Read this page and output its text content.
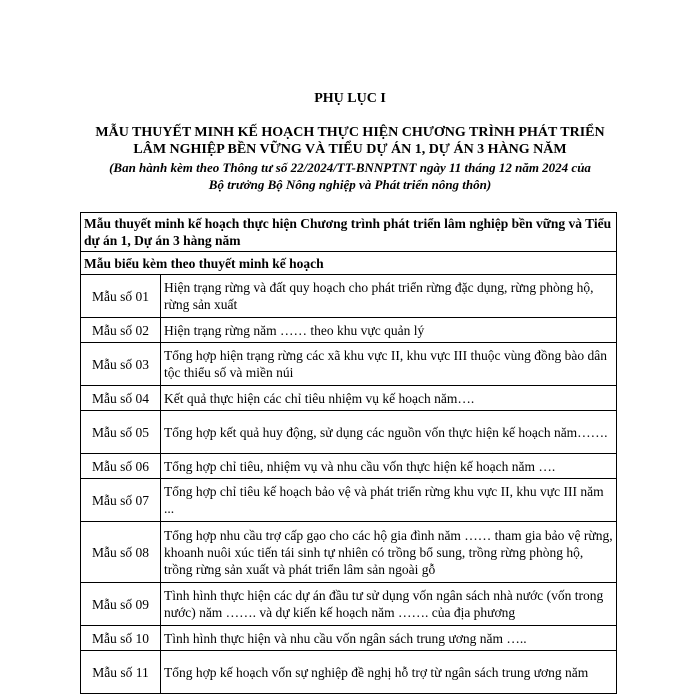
PHỤ LỤC I
MẪU THUYẾT MINH KẾ HOẠCH THỰC HIỆN CHƯƠNG TRÌNH PHÁT TRIỂN
LÂM NGHIỆP BỀN VỮNG VÀ TIỂU DỰ ÁN 1, DỰ ÁN 3 HÀNG NĂM
(Ban hành kèm theo Thông tư số 22/2024/TT-BNNPTNT ngày 11 tháng 12 năm 2024 của
Bộ trưởng Bộ Nông nghiệp và Phát triển nông thôn)
Mẫu thuyết minh kế hoạch thực hiện Chương trình phát triển lâm nghiệp bền vững và Tiểu dự án 1, Dự án 3 hàng năm	
Mẫu biểu kèm theo thuyết minh kế hoạch	
Mẫu số 01	Hiện trạng rừng và đất quy hoạch cho phát triển rừng đặc dụng, rừng phòng hộ, rừng sản xuất
Mẫu số 02	Hiện trạng rừng năm …… theo khu vực quản lý
Mẫu số 03	Tổng hợp hiện trạng rừng các xã khu vực II, khu vực III thuộc vùng đồng bào dân tộc thiểu số và miền núi
Mẫu số 04	Kết quả thực hiện các chỉ tiêu nhiệm vụ kế hoạch năm….
Mẫu số 05	Tổng hợp kết quả huy động, sử dụng các nguồn vốn thực hiện kế hoạch năm…….
Mẫu số 06	Tổng hợp chỉ tiêu, nhiệm vụ và nhu cầu vốn thực hiện kế hoạch năm ….
Mẫu số 07	Tổng hợp chỉ tiêu kế hoạch bảo vệ và phát triển rừng khu vực II, khu vực III năm ...
Mẫu số 08	Tổng hợp nhu cầu trợ cấp gạo cho các hộ gia đình năm …… tham gia bảo vệ rừng, khoanh nuôi xúc tiến tái sinh tự nhiên có trồng bổ sung, trồng rừng phòng hộ, trồng rừng sản xuất và phát triển lâm sản ngoài gỗ
Mẫu số 09	Tình hình thực hiện các dự án đầu tư sử dụng vốn ngân sách nhà nước (vốn trong nước) năm ……. và dự kiến kế hoạch năm ……. của địa phương
Mẫu số 10	Tình hình thực hiện và nhu cầu vốn ngân sách trung ương năm …..
Mẫu số 11	Tổng hợp kế hoạch vốn sự nghiệp đề nghị hỗ trợ từ ngân sách trung ương năm
